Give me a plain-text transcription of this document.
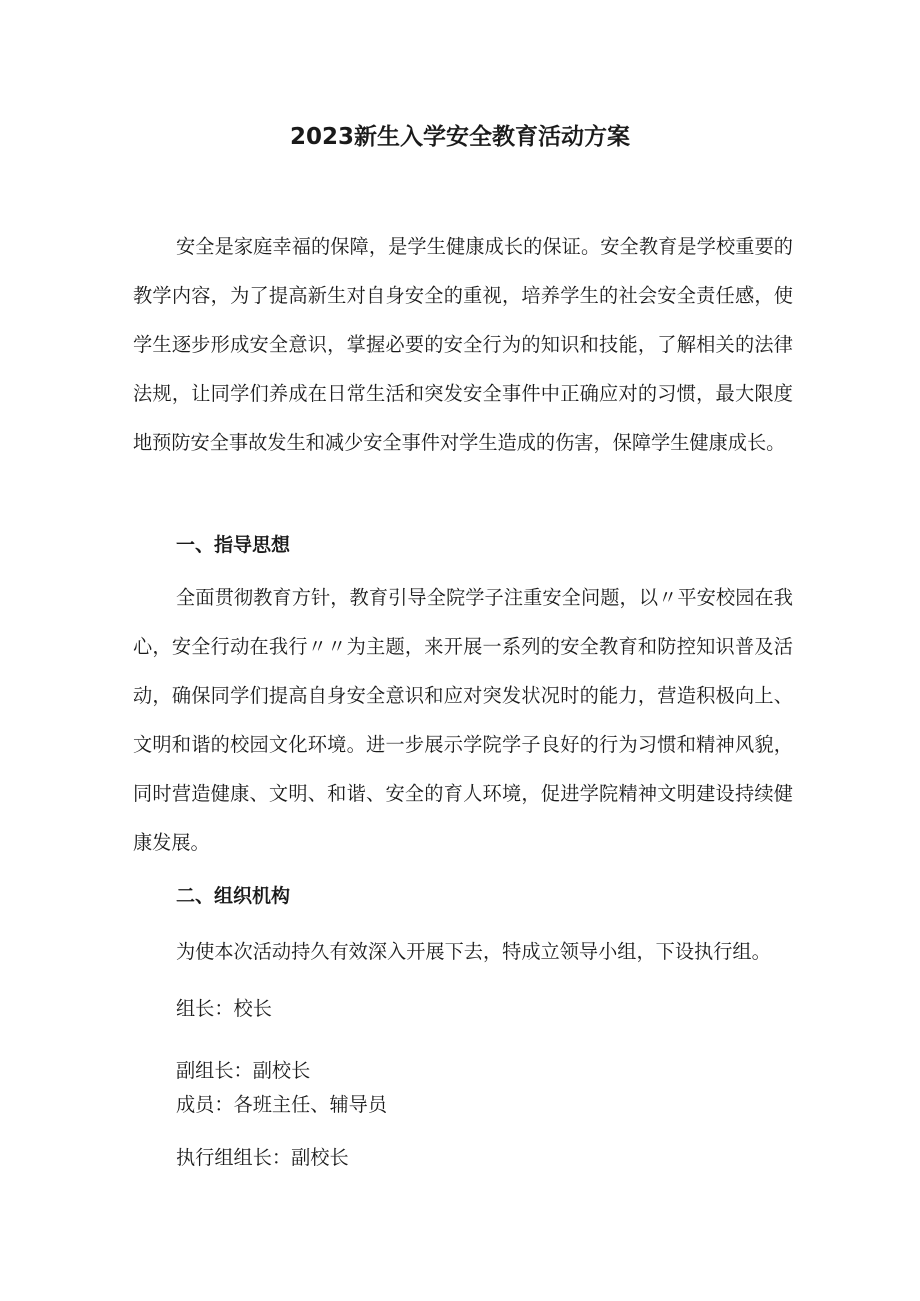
2023新生入学安全教育活动方案
安全是家庭幸福的保障，是学生健康成长的保证。安全教育是学校重要的教学内容，为了提高新生对自身安全的重视，培养学生的社会安全责任感，使学生逐步形成安全意识，掌握必要的安全行为的知识和技能，了解相关的法律法规，让同学们养成在日常生活和突发安全事件中正确应对的习惯，最大限度地预防安全事故发生和减少安全事件对学生造成的伤害，保障学生健康成长。
一、指导思想
全面贯彻教育方针，教育引导全院学子注重安全问题，以〃平安校园在我心，安全行动在我行〃〃为主题，来开展一系列的安全教育和防控知识普及活动，确保同学们提高自身安全意识和应对突发状况时的能力，营造积极向上、文明和谐的校园文化环境。进一步展示学院学子良好的行为习惯和精神风貌，同时营造健康、文明、和谐、安全的育人环境，促进学院精神文明建设持续健康发展。
二、组织机构
为使本次活动持久有效深入开展下去，特成立领导小组，下设执行组。
组长：校长
副组长：副校长
成员：各班主任、辅导员
执行组组长：副校长
